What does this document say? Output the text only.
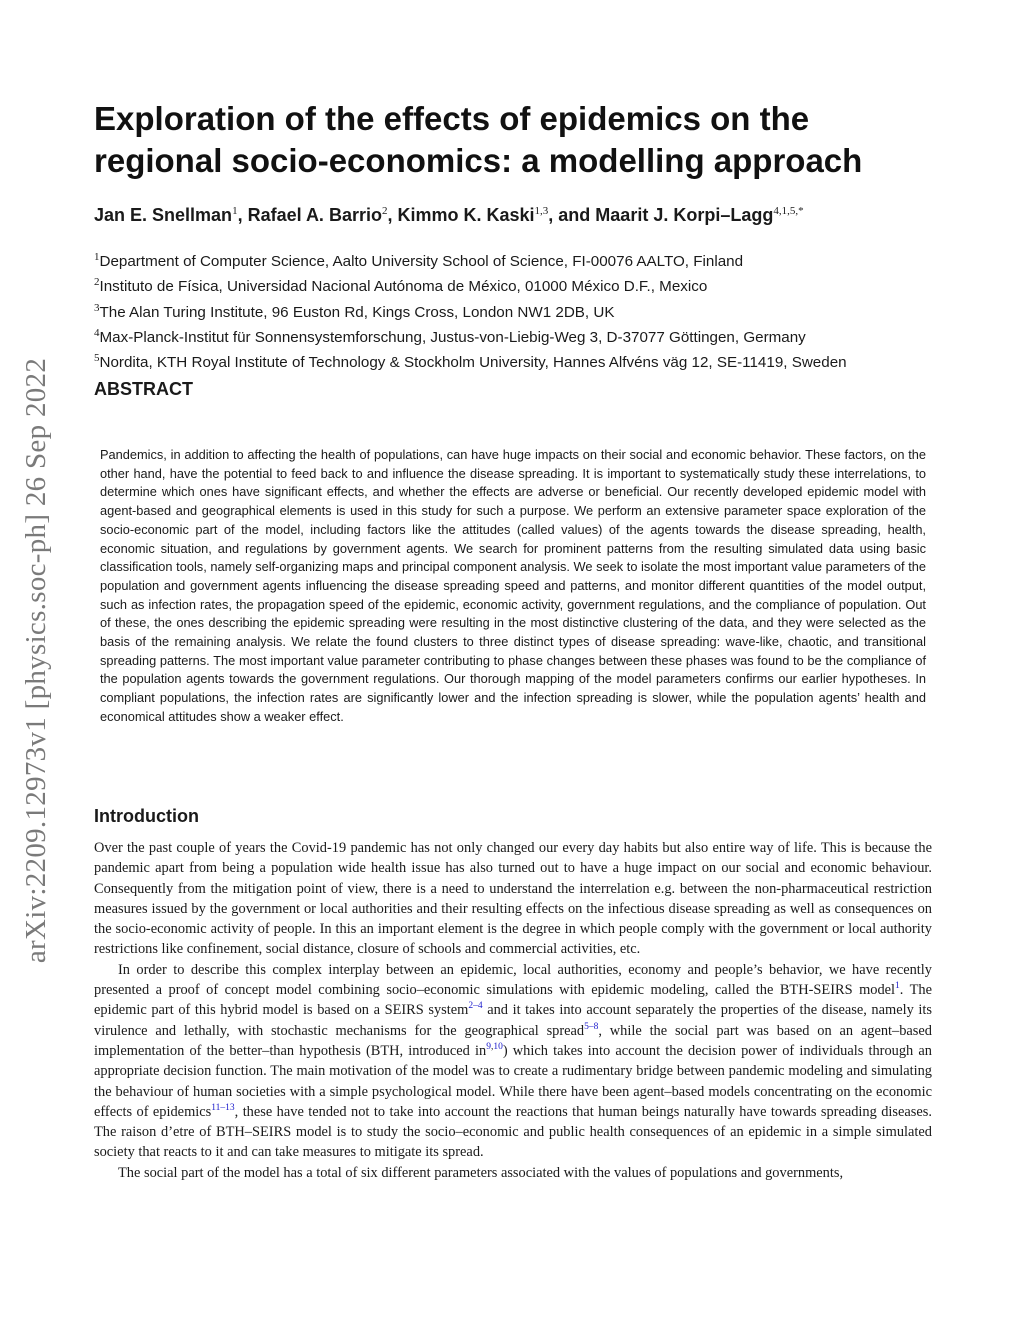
arXiv:2209.12973v1 [physics.soc-ph] 26 Sep 2022
Exploration of the effects of epidemics on the
regional socio-economics: a modelling approach

Jan E. Snellman$^1$, Rafael A. Barrio$^2$, Kimmo K. Kaski$^{1,3}$, and Maarit J. Korpi–Lagg$^{4,1,5,*}$

$^1$Department of Computer Science, Aalto University School of Science, FI-00076 AALTO, Finland
$^2$Instituto de Física, Universidad Nacional Autónoma de México, 01000 México D.F., Mexico
$^3$The Alan Turing Institute, 96 Euston Rd, Kings Cross, London NW1 2DB, UK
$^4$Max-Planck-Institut für Sonnensystemforschung, Justus-von-Liebig-Weg 3, D-37077 Göttingen, Germany
$^5$Nordita, KTH Royal Institute of Technology & Stockholm University, Hannes Alfvéns väg 12, SE-11419, Sweden
ABSTRACT

Pandemics, in addition to affecting the health of populations, can have huge impacts on their social and economic behavior. These factors, on the other hand, have the potential to feed back to and influence the disease spreading. It is important to systematically study these interrelations, to determine which ones have significant effects, and whether the effects are adverse or beneficial. Our recently developed epidemic model with agent-based and geographical elements is used in this study for such a purpose. We perform an extensive parameter space exploration of the socio-economic part of the model, including factors like the attitudes (called values) of the agents towards the disease spreading, health, economic situation, and regulations by government agents. We search for prominent patterns from the resulting simulated data using basic classification tools, namely self-organizing maps and principal component analysis. We seek to isolate the most important value parameters of the population and government agents influencing the disease spreading speed and patterns, and monitor different quantities of the model output, such as infection rates, the propagation speed of the epidemic, economic activity, government regulations, and the compliance of population. Out of these, the ones describing the epidemic spreading were resulting in the most distinctive clustering of the data, and they were selected as the basis of the remaining analysis. We relate the found clusters to three distinct types of disease spreading: wave-like, chaotic, and transitional spreading patterns. The most important value parameter contributing to phase changes between these phases was found to be the compliance of the population agents towards the government regulations. Our thorough mapping of the model parameters confirms our earlier hypotheses. In compliant populations, the infection rates are significantly lower and the infection spreading is slower, while the population agents’ health and economical attitudes show a weaker effect.

Introduction

Over the past couple of years the Covid-19 pandemic has not only changed our every day habits but also entire way of life. This is because the pandemic apart from being a population wide health issue has also turned out to have a huge impact on our social and economic behaviour. Consequently from the mitigation point of view, there is a need to understand the interrelation e.g. between the non-pharmaceutical restriction measures issued by the government or local authorities and their resulting effects on the infectious disease spreading as well as consequences on the socio-economic activity of people. In this an important element is the degree in which people comply with the government or local authority restrictions like confinement, social distance, closure of schools and commercial activities, etc.

In order to describe this complex interplay between an epidemic, local authorities, economy and people’s behavior, we have recently presented a proof of concept model combining socio–economic simulations with epidemic modeling, called the BTH-SEIRS model$^1$. The epidemic part of this hybrid model is based on a SEIRS system$^{2-4}$ and it takes into account separately the properties of the disease, namely its virulence and lethally, with stochastic mechanisms for the geographical spread$^{5-8}$, while the social part was based on an agent–based implementation of the better–than hypothesis (BTH, introduced in$^{9,10}$) which takes into account the decision power of individuals through an appropriate decision function. The main motivation of the model was to create a rudimentary bridge between pandemic modeling and simulating the behaviour of human societies with a simple psychological model. While there have been agent–based models concentrating on the economic effects of epidemics$^{11-13}$, these have tended not to take into account the reactions that human beings naturally have towards spreading diseases. The raison d’etre of BTH–SEIRS model is to study the socio–economic and public health consequences of an epidemic in a simple simulated society that reacts to it and can take measures to mitigate its spread.

The social part of the model has a total of six different parameters associated with the values of populations and governments,
